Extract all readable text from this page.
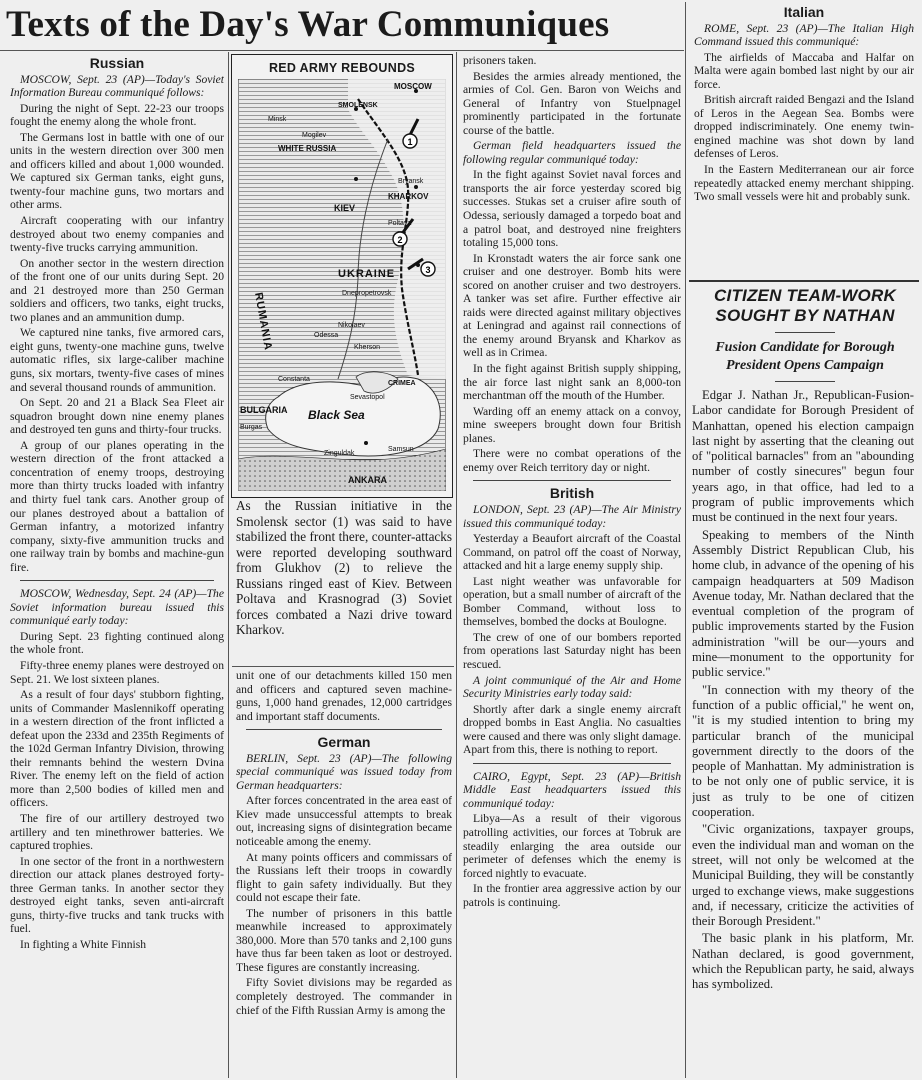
Texts of the Day's War Communiques

Russian

MOSCOW, Sept. 23 (AP)—Today's Soviet Information Bureau communiqué follows:

During the night of Sept. 22-23 our troops fought the enemy along the whole front.

The Germans lost in battle with one of our units in the western direction over 300 men and officers killed and about 1,000 wounded. We captured six German tanks, eight guns, twenty-four machine guns, two mortars and other arms.

Aircraft cooperating with our infantry destroyed about two enemy companies and twenty-five trucks carrying ammunition.

On another sector in the western direction of the front one of our units during Sept. 20 and 21 destroyed more than 250 German soldiers and officers, two tanks, eight trucks, two planes and an ammunition dump.

We captured nine tanks, five armored cars, eight guns, twenty-one machine guns, twelve automatic rifles, six large-caliber machine guns, six mortars, twenty-five cases of mines and several thousand rounds of ammunition.

On Sept. 20 and 21 a Black Sea Fleet air squadron brought down nine enemy planes and destroyed ten guns and thirty-four trucks.

A group of our planes operating in the western direction of the front attacked a concentration of enemy troops, destroying more than thirty trucks loaded with infantry and thirty fuel tank cars. Another group of our planes destroyed about a battalion of German infantry, a motorized infantry company, sixty-five ammunition trucks and one railway train by bombs and machine-gun fire.

MOSCOW, Wednesday, Sept. 24 (AP)—The Soviet information bureau issued this communiqué early today:

During Sept. 23 fighting continued along the whole front.

Fifty-three enemy planes were destroyed on Sept. 21. We lost sixteen planes.

As a result of four days' stubborn fighting, units of Commander Maslennikoff operating in a western direction of the front inflicted a defeat upon the 233d and 235th Regiments of the 102d German Infantry Division, throwing their remnants behind the western Dvina River. The enemy left on the field of action more than 2,500 bodies of killed men and officers.

The fire of our artillery destroyed two artillery and ten minethrower batteries. We captured trophies.

In one sector of the front in a northwestern direction our attack planes destroyed forty-three German tanks. In another sector they destroyed eight tanks, seven anti-aircraft guns, thirty-five trucks and tank trucks with fuel.

In fighting a White Finnish

RED ARMY REBOUNDS
1
2
3
MOSCOW
SMOLENSK
Minsk
Mogilev
WHITE RUSSIA
Bryansk
KIEV
Poltava
KHARKOV
UKRAINE
Dnepropetrovsk
RUMANIA	Odessa
Nikolaev
Kherson
CRIMEA
Sevastopol
Constanta
BULGARIA
Burgas
Black Sea
Zinguldak
Samsun
ANKARA
As the Russian initiative in the Smolensk sector (1) was said to have stabilized the front there, counter-attacks were reported developing southward from Glukhov (2) to relieve the Russians ringed east of Kiev. Between Poltava and Krasnograd (3) Soviet forces combated a Nazi drive toward Kharkov.

unit one of our detachments killed 150 men and officers and captured seven machine-guns, 1,000 hand grenades, 12,000 cartridges and important staff documents.

German

BERLIN, Sept. 23 (AP)—The following special communiqué was issued today from German headquarters:

After forces concentrated in the area east of Kiev made unsuccessful attempts to break out, increasing signs of disintegration became noticeable among the enemy.

At many points officers and commissars of the Russians left their troops in cowardly flight to gain safety individually. But they could not escape their fate.

The number of prisoners in this battle meanwhile increased to approximately 380,000. More than 570 tanks and 2,100 guns have thus far been taken as loot or destroyed. These figures are constantly increasing.

Fifty Soviet divisions may be regarded as completely destroyed. The commander in chief of the Fifth Russian Army is among the

prisoners taken.

Besides the armies already mentioned, the armies of Col. Gen. Baron von Weichs and General of Infantry von Stuelpnagel prominently participated in the fortunate course of the battle.

German field headquarters issued the following regular communiqué today:

In the fight against Soviet naval forces and transports the air force yesterday scored big successes. Stukas set a cruiser afire south of Odessa, seriously damaged a torpedo boat and a patrol boat, and destroyed nine freighters totaling 15,000 tons.

In Kronstadt waters the air force sank one cruiser and one destroyer. Bomb hits were scored on another cruiser and two destroyers. A tanker was set afire. Further effective air raids were directed against military objectives at Leningrad and against rail connections of the enemy around Bryansk and Kharkov as well as in Crimea.

In the fight against British supply shipping, the air force last night sank an 8,000-ton merchantman off the mouth of the Humber.

Warding off an enemy attack on a convoy, mine sweepers brought down four British planes.

There were no combat operations of the enemy over Reich territory day or night.

British

LONDON, Sept. 23 (AP)—The Air Ministry issued this communiqué today:

Yesterday a Beaufort aircraft of the Coastal Command, on patrol off the coast of Norway, attacked and hit a large enemy supply ship.

Last night weather was unfavorable for operation, but a small number of aircraft of the Bomber Command, without loss to themselves, bombed the docks at Boulogne.

The crew of one of our bombers reported from operations last Saturday night has been rescued.

A joint communiqué of the Air and Home Security Ministries early today said:

Shortly after dark a single enemy aircraft dropped bombs in East Anglia. No casualties were caused and there was only slight damage. Apart from this, there is nothing to report.

CAIRO, Egypt, Sept. 23 (AP)—British Middle East headquarters issued this communiqué today:

Libya—As a result of their vigorous patrolling activities, our forces at Tobruk are steadily enlarging the area outside our perimeter of defenses which the enemy is forced nightly to evacuate.

In the frontier area aggressive action by our patrols is continuing.

Italian

ROME, Sept. 23 (AP)—The Italian High Command issued this communiqué:

The airfields of Maccaba and Halfar on Malta were again bombed last night by our air force.

British aircraft raided Bengazi and the Island of Leros in the Aegean Sea. Bombs were dropped indiscriminately. One enemy twin-engined machine was shot down by land defenses of Leros.

In the Eastern Mediterranean our air force repeatedly attacked enemy merchant shipping. Two small vessels were hit and probably sunk.

CITIZEN TEAM-WORK SOUGHT BY NATHAN
Fusion Candidate for Borough President Opens Campaign

Edgar J. Nathan Jr., Republican-Fusion-Labor candidate for Borough President of Manhattan, opened his election campaign last night by asserting that the cleaning out of "political barnacles" from an "abounding number of costly sinecures" begun four years ago, in that office, had led to a program of public improvements which must be continued in the next four years.

Speaking to members of the Ninth Assembly District Republican Club, his home club, in advance of the opening of his campaign headquarters at 509 Madison Avenue today, Mr. Nathan declared that the eventual completion of the program of public improvements started by the Fusion administration "will be our—yours and mine—monument to the opportunity for public service."

"In connection with my theory of the function of a public official," he went on, "it is my studied intention to bring my particular branch of the municipal government directly to the doors of the people of Manhattan. My administration is to be not only one of public service, it is just as truly to be one of citizen cooperation.

"Civic organizations, taxpayer groups, even the individual man and woman on the street, will not only be welcomed at the Municipal Building, they will be constantly urged to exchange views, make suggestions and, if necessary, criticize the activities of their Borough President."

The basic plank in his platform, Mr. Nathan declared, is good government, which the Republican party, he said, always has symbolized.
